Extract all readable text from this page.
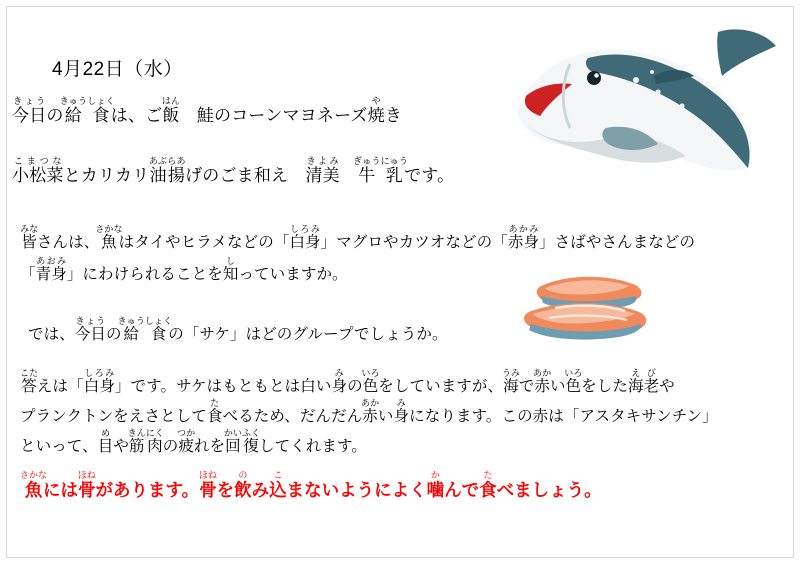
4月22日（水）
今日きょうの給食きゅうしょくは、ご飯はん　鮭のコーンマヨネーズ焼やき
小松菜こまつなとカリカリ油揚あぶらあげのごま和え　清美きよみ　牛乳ぎゅうにゅうです。
皆みなさんは、魚さかなはタイやヒラメなどの「白身しろみ」マグロやカツオなどの「赤身あかみ」さばやさんまなどの
「青身あおみ」にわけられることを知しっていますか。
では、今日きょうの給食きゅうしょくの「サケ」はどのグループでしょうか。
答こたえは「白身しろみ」です。サケはもともとは白い身みの色いろをしていますが、海うみで赤あかい色いろをした海老えびや
プランクトンをえさとして食たべるため、だんだん赤あかい身みになります。この赤は「アスタキサンチン」
といって、目めや筋肉きんにくの疲つかれを回復かいふくしてくれます。
魚さかなには骨ほねがあります。骨ほねを飲のみ込こまないようによく噛かんで食たべましょう。
